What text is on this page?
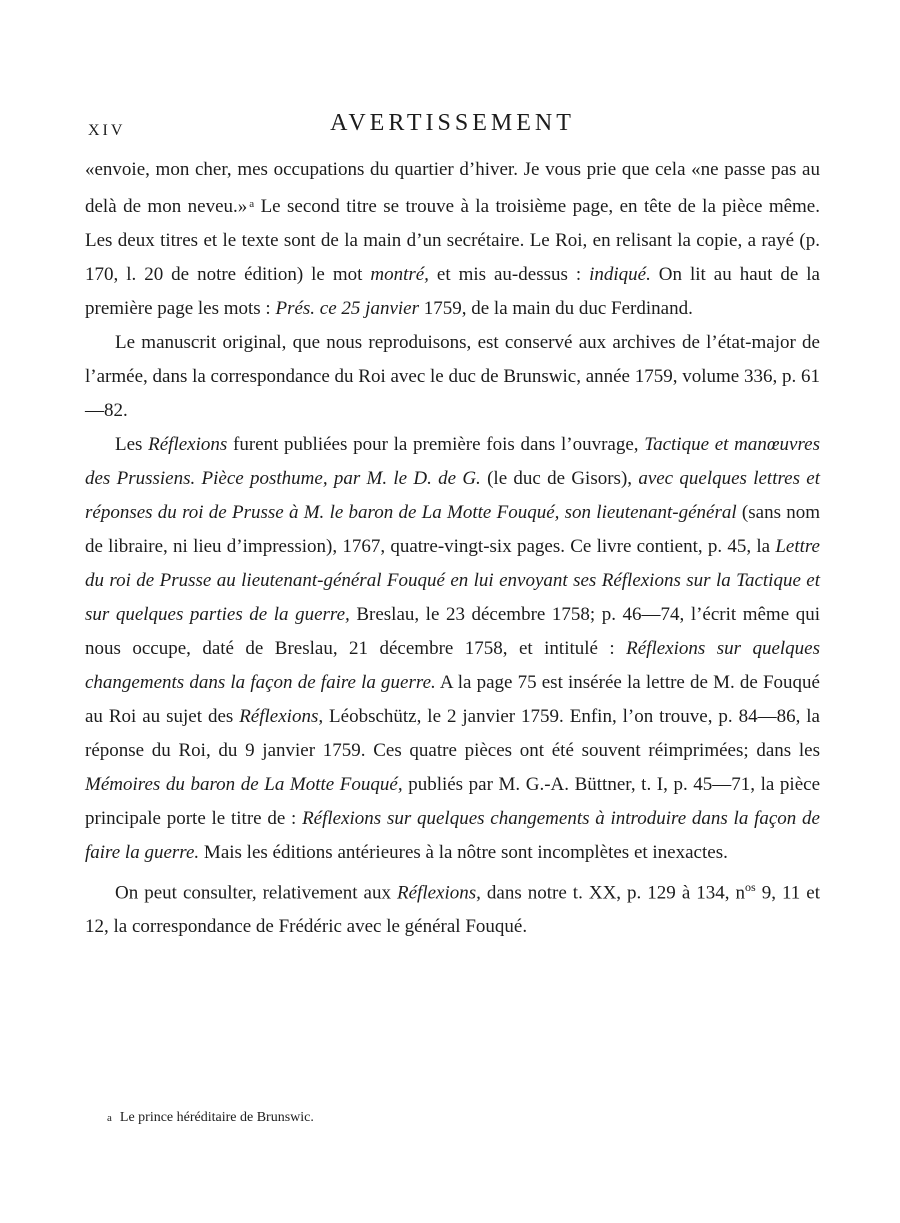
XIV	AVERTISSEMENT

«envoie, mon cher, mes occupations du quartier d’hiver. Je vous prie que cela «ne passe pas au delà de mon neveu.» $^a$ Le second titre se trouve à la troisième page, en tête de la pièce même. Les deux titres et le texte sont de la main d’un secrétaire. Le Roi, en relisant la copie, a rayé (p. 170, l. 20 de notre édition) le mot montré, et mis au-dessus : indiqué. On lit au haut de la première page les mots : Prés. ce 25 janvier 1759, de la main du duc Ferdinand.

Le manuscrit original, que nous reproduisons, est conservé aux archives de l’état-major de l’armée, dans la correspondance du Roi avec le duc de Brunswic, année 1759, volume 336, p. 61—82.

Les Réflexions furent publiées pour la première fois dans l’ouvrage, Tactique et manœuvres des Prussiens. Pièce posthume, par M. le D. de G. (le duc de Gisors), avec quelques lettres et réponses du roi de Prusse à M. le baron de La Motte Fouqué, son lieutenant-général (sans nom de libraire, ni lieu d’impression), 1767, quatre-vingt-six pages. Ce livre contient, p. 45, la Lettre du roi de Prusse au lieutenant-général Fouqué en lui envoyant ses Réflexions sur la Tactique et sur quelques parties de la guerre, Breslau, le 23 décembre 1758; p. 46—74, l’écrit même qui nous occupe, daté de Breslau, 21 décembre 1758, et intitulé : Réflexions sur quelques changements dans la façon de faire la guerre. A la page 75 est insérée la lettre de M. de Fouqué au Roi au sujet des Réflexions, Léobschütz, le 2 janvier 1759. Enfin, l’on trouve, p. 84—86, la réponse du Roi, du 9 janvier 1759. Ces quatre pièces ont été souvent réimprimées; dans les Mémoires du baron de La Motte Fouqué, publiés par M. G.-A. Büttner, t. I, p. 45—71, la pièce principale porte le titre de : Réflexions sur quelques changements à introduire dans la façon de faire la guerre. Mais les éditions antérieures à la nôtre sont incomplètes et inexactes.

On peut consulter, relativement aux Réflexions, dans notre t. XX, p. 129 à 134, $n^{os}$ 9, 11 et 12, la correspondance de Frédéric avec le général Fouqué.

a Le prince héréditaire de Brunswic.
